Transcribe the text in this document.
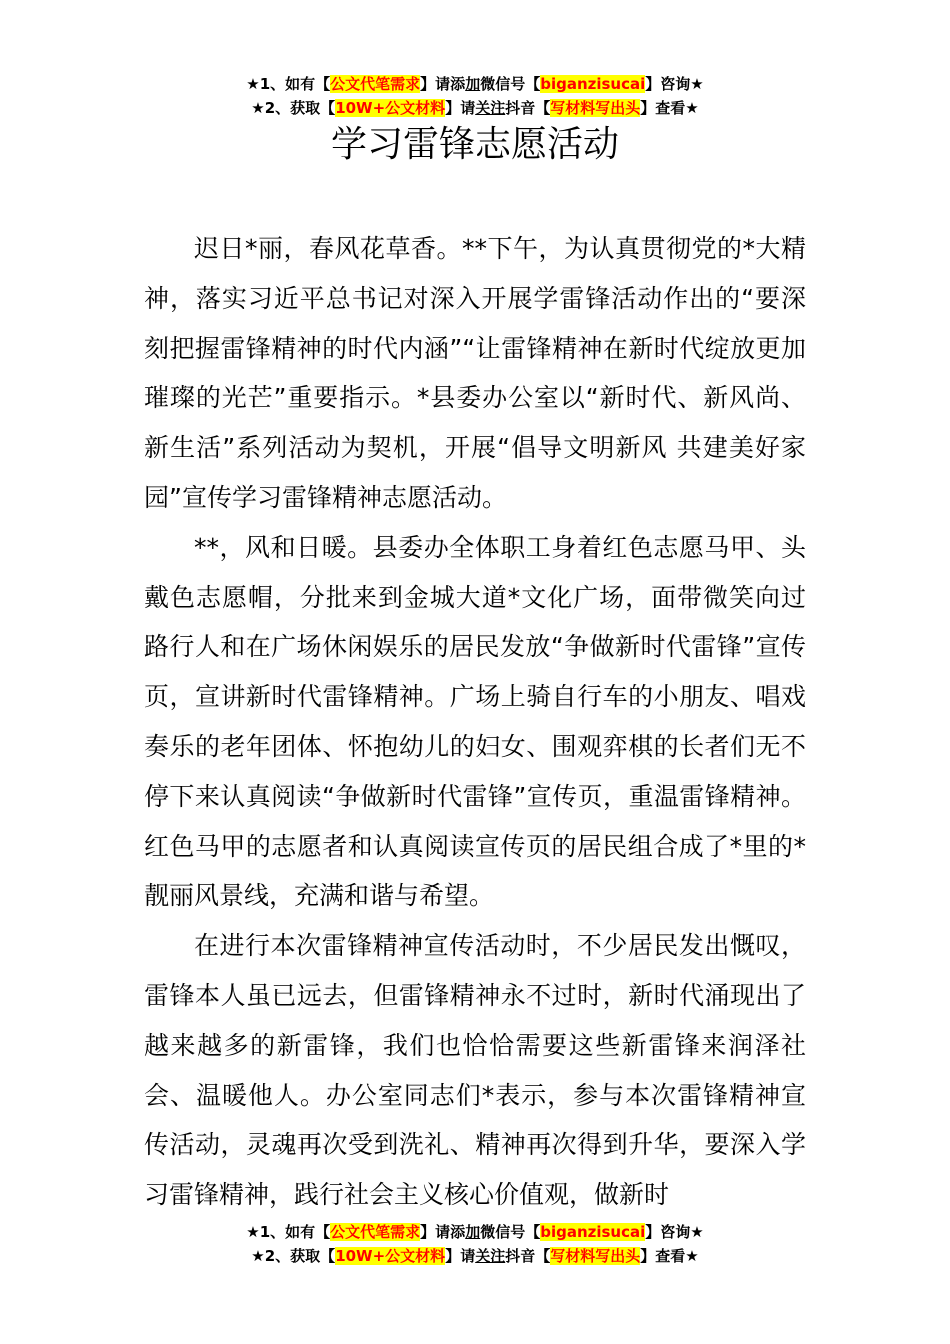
★1、如有【公文代笔需求】请添加微信号【biganzisucai】咨询★
★2、获取【10W+公文材料】请关注抖音【写材料写出头】查看★
学习雷锋志愿活动

迟日*丽，春风花草香。**下午，为认真贯彻党的*大精神，落实习近平总书记对深入开展学雷锋活动作出的“要深刻把握雷锋精神的时代内涵”“让雷锋精神在新时代绽放更加璀璨的光芒”重要指示。*县委办公室以“新时代、新风尚、新生活”系列活动为契机，开展“倡导文明新风 共建美好家园”宣传学习雷锋精神志愿活动。

**，风和日暖。县委办全体职工身着红色志愿马甲、头戴色志愿帽，分批来到金城大道*文化广场，面带微笑向过路行人和在广场休闲娱乐的居民发放“争做新时代雷锋”宣传页，宣讲新时代雷锋精神。广场上骑自行车的小朋友、唱戏奏乐的老年团体、怀抱幼儿的妇女、围观弈棋的长者们无不停下来认真阅读“争做新时代雷锋”宣传页，重温雷锋精神。红色马甲的志愿者和认真阅读宣传页的居民组合成了*里的*靓丽风景线，充满和谐与希望。

在进行本次雷锋精神宣传活动时，不少居民发出慨叹，雷锋本人虽已远去，但雷锋精神永不过时，新时代涌现出了越来越多的新雷锋，我们也恰恰需要这些新雷锋来润泽社会、温暖他人。办公室同志们*表示，参与本次雷锋精神宣传活动，灵魂再次受到洗礼、精神再次得到升华，要深入学习雷锋精神，践行社会主义核心价值观，做新时

★1、如有【公文代笔需求】请添加微信号【biganzisucai】咨询★
★2、获取【10W+公文材料】请关注抖音【写材料写出头】查看★
